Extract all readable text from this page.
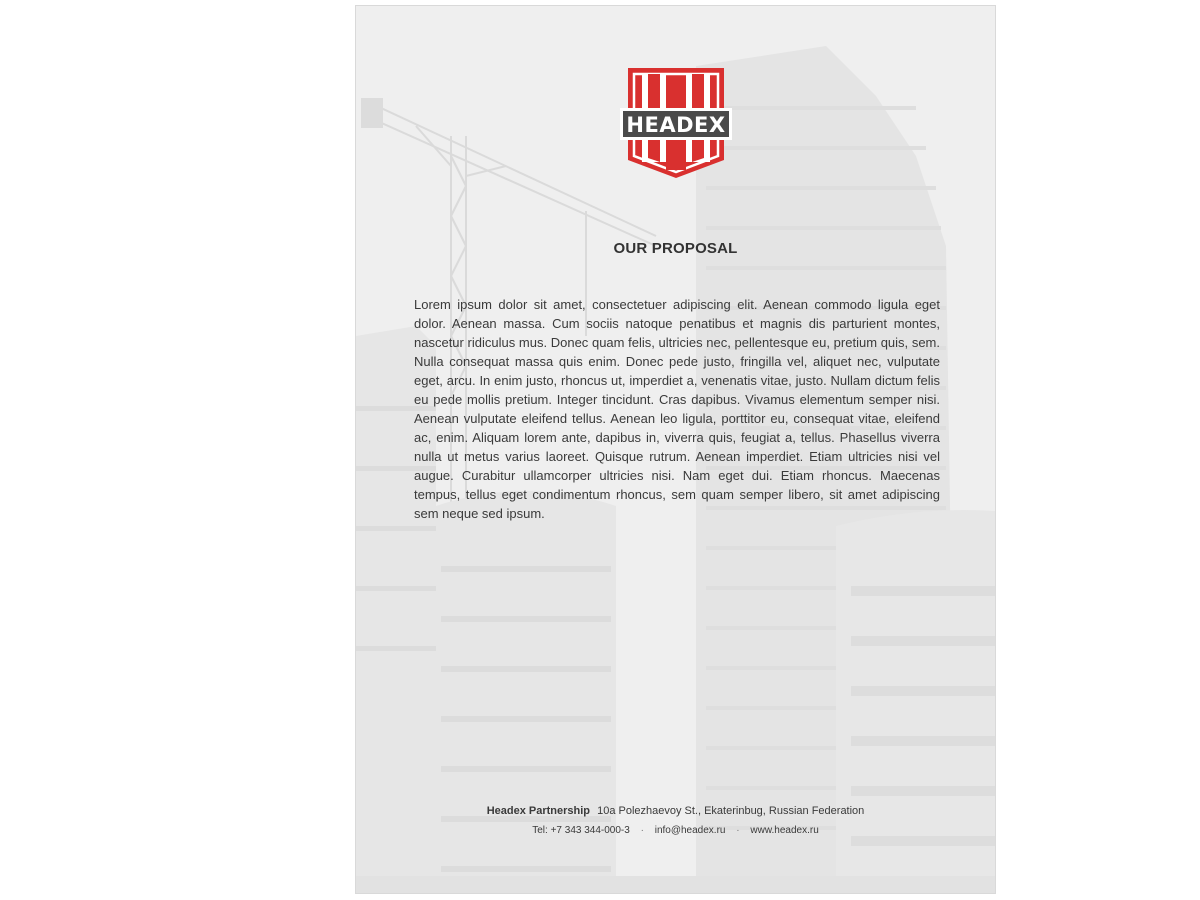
HEADEX
OUR PROPOSAL
Lorem ipsum dolor sit amet, consectetuer adipiscing elit. Aenean commodo ligula eget dolor. Aenean massa. Cum sociis natoque penatibus et magnis dis parturient montes, nascetur ridiculus mus. Donec quam felis, ultricies nec, pellentesque eu, pretium quis, sem. Nulla consequat massa quis enim. Donec pede justo, fringilla vel, aliquet nec, vulputate eget, arcu. In enim justo, rhoncus ut, imperdiet a, venenatis vitae, justo. Nullam dictum felis eu pede mollis pretium. Integer tincidunt. Cras dapibus. Vivamus elementum semper nisi. Aenean vulputate eleifend tellus. Aenean leo ligula, porttitor eu, consequat vitae, eleifend ac, enim. Aliquam lorem ante, dapibus in, viverra quis, feugiat a, tellus. Phasellus viverra nulla ut metus varius laoreet. Quisque rutrum. Aenean imperdiet. Etiam ultricies nisi vel augue. Curabitur ullamcorper ultricies nisi. Nam eget dui. Etiam rhoncus. Maecenas tempus, tellus eget condimentum rhoncus, sem quam semper libero, sit amet adipiscing sem neque sed ipsum.
Headex Partnership 10a Polezhaevoy St., Ekaterinbug, Russian Federation
Tel: +7 343 344-000-3 · info@headex.ru · www.headex.ru
